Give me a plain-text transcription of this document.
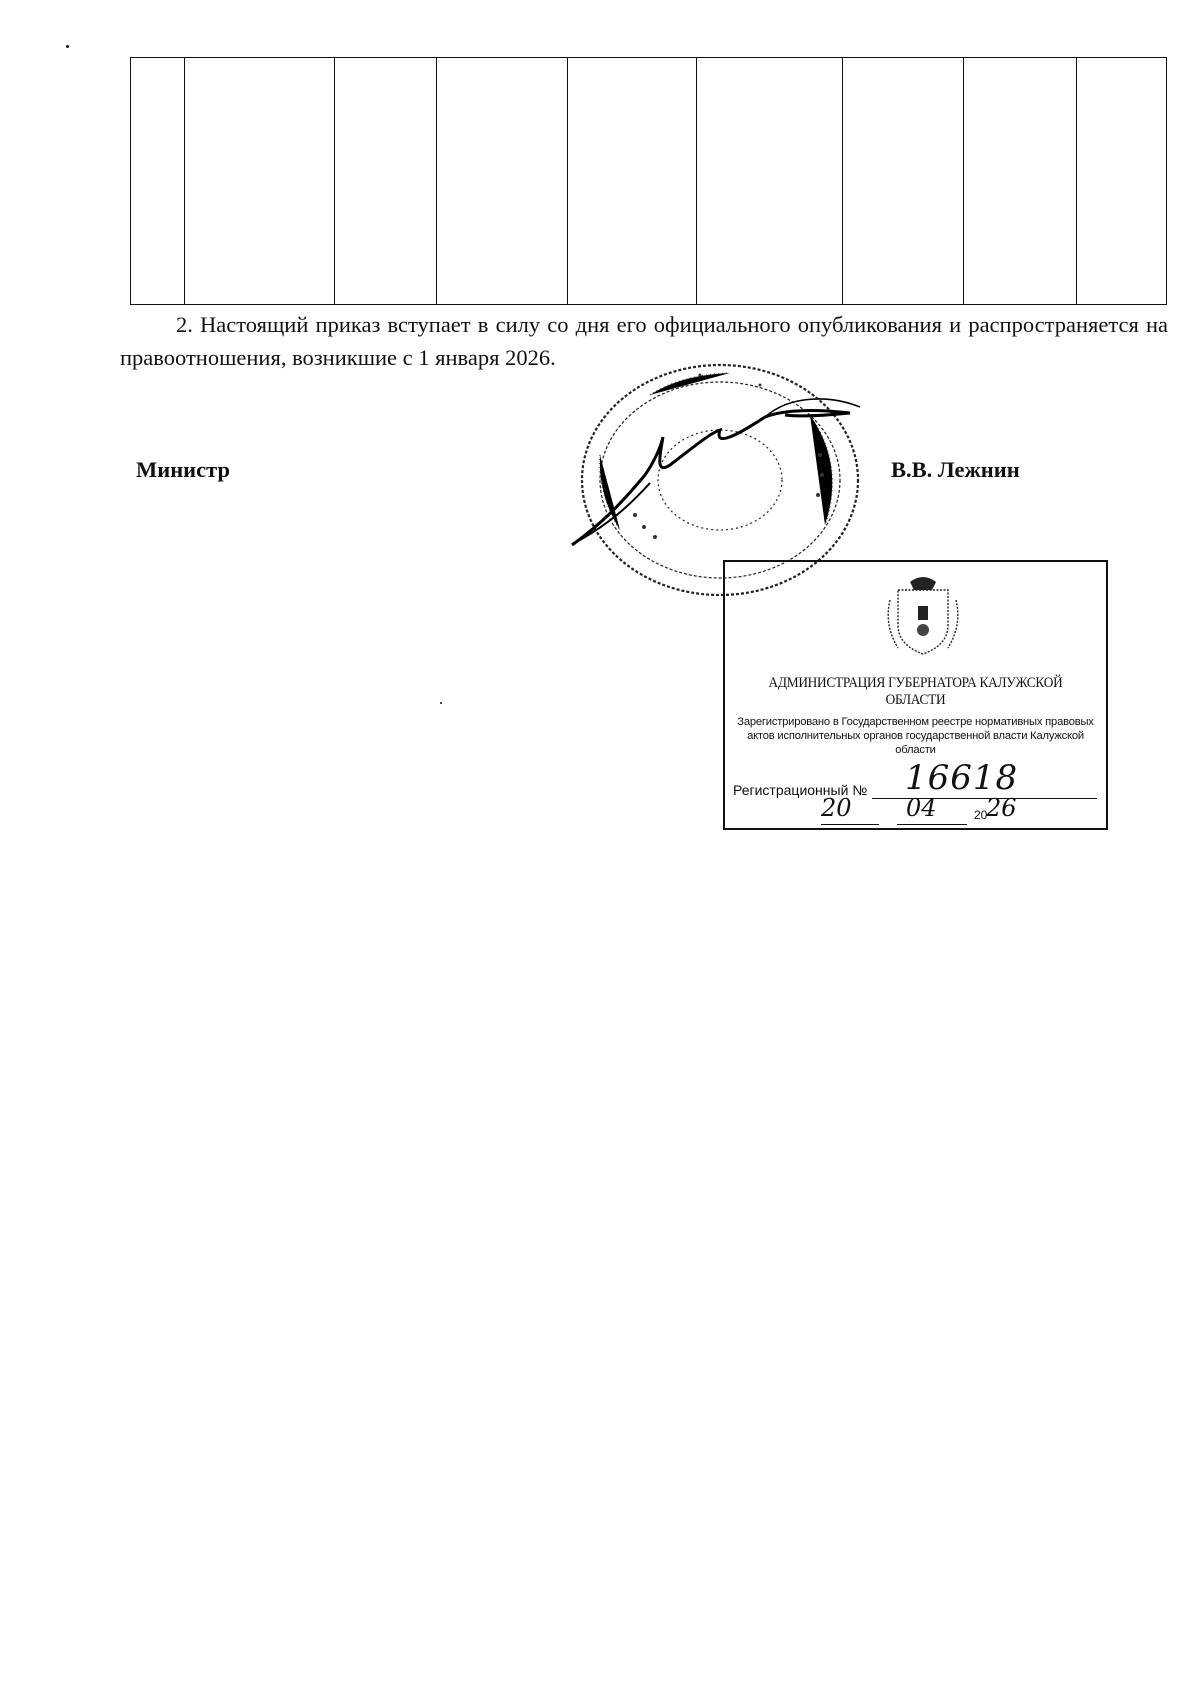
2. Настоящий приказ вступает в силу со дня его официального опубликования и распространяется на правоотношения, возникшие с 1 января 2026.
Министр	В.В. Лежнин
АДМИНИСТРАЦИЯ ГУБЕРНАТОРА КАЛУЖСКОЙ ОБЛАСТИ
Зарегистрировано в Государственном реестре нормативных правовых актов исполнительных органов государственной власти Калужской области
Регистрационный № 16618
20 04	20
26
